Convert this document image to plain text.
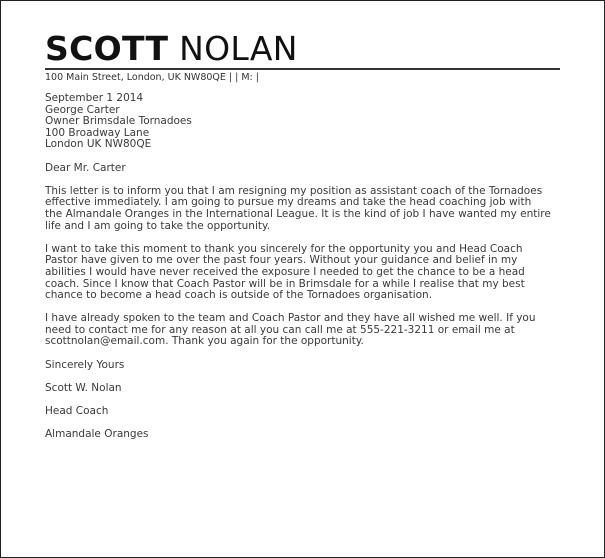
SCOTT NOLAN
100 Main Street, London, UK NW80QE | | M: |
September 1 2014
George Carter
Owner Brimsdale Tornadoes
100 Broadway Lane
London UK NW80QE
Dear Mr. Carter
This letter is to inform you that I am resigning my position as assistant coach of the Tornadoes
effective immediately. I am going to pursue my dreams and take the head coaching job with
the Almandale Oranges in the International League. It is the kind of job I have wanted my entire
life and I am going to take the opportunity.
I want to take this moment to thank you sincerely for the opportunity you and Head Coach
Pastor have given to me over the past four years. Without your guidance and belief in my
abilities I would have never received the exposure I needed to get the chance to be a head
coach. Since I know that Coach Pastor will be in Brimsdale for a while I realise that my best
chance to become a head coach is outside of the Tornadoes organisation.
I have already spoken to the team and Coach Pastor and they have all wished me well. If you
need to contact me for any reason at all you can call me at 555-221-3211 or email me at
scottnolan@email.com. Thank you again for the opportunity.
Sincerely Yours
Scott W. Nolan
Head Coach
Almandale Oranges
